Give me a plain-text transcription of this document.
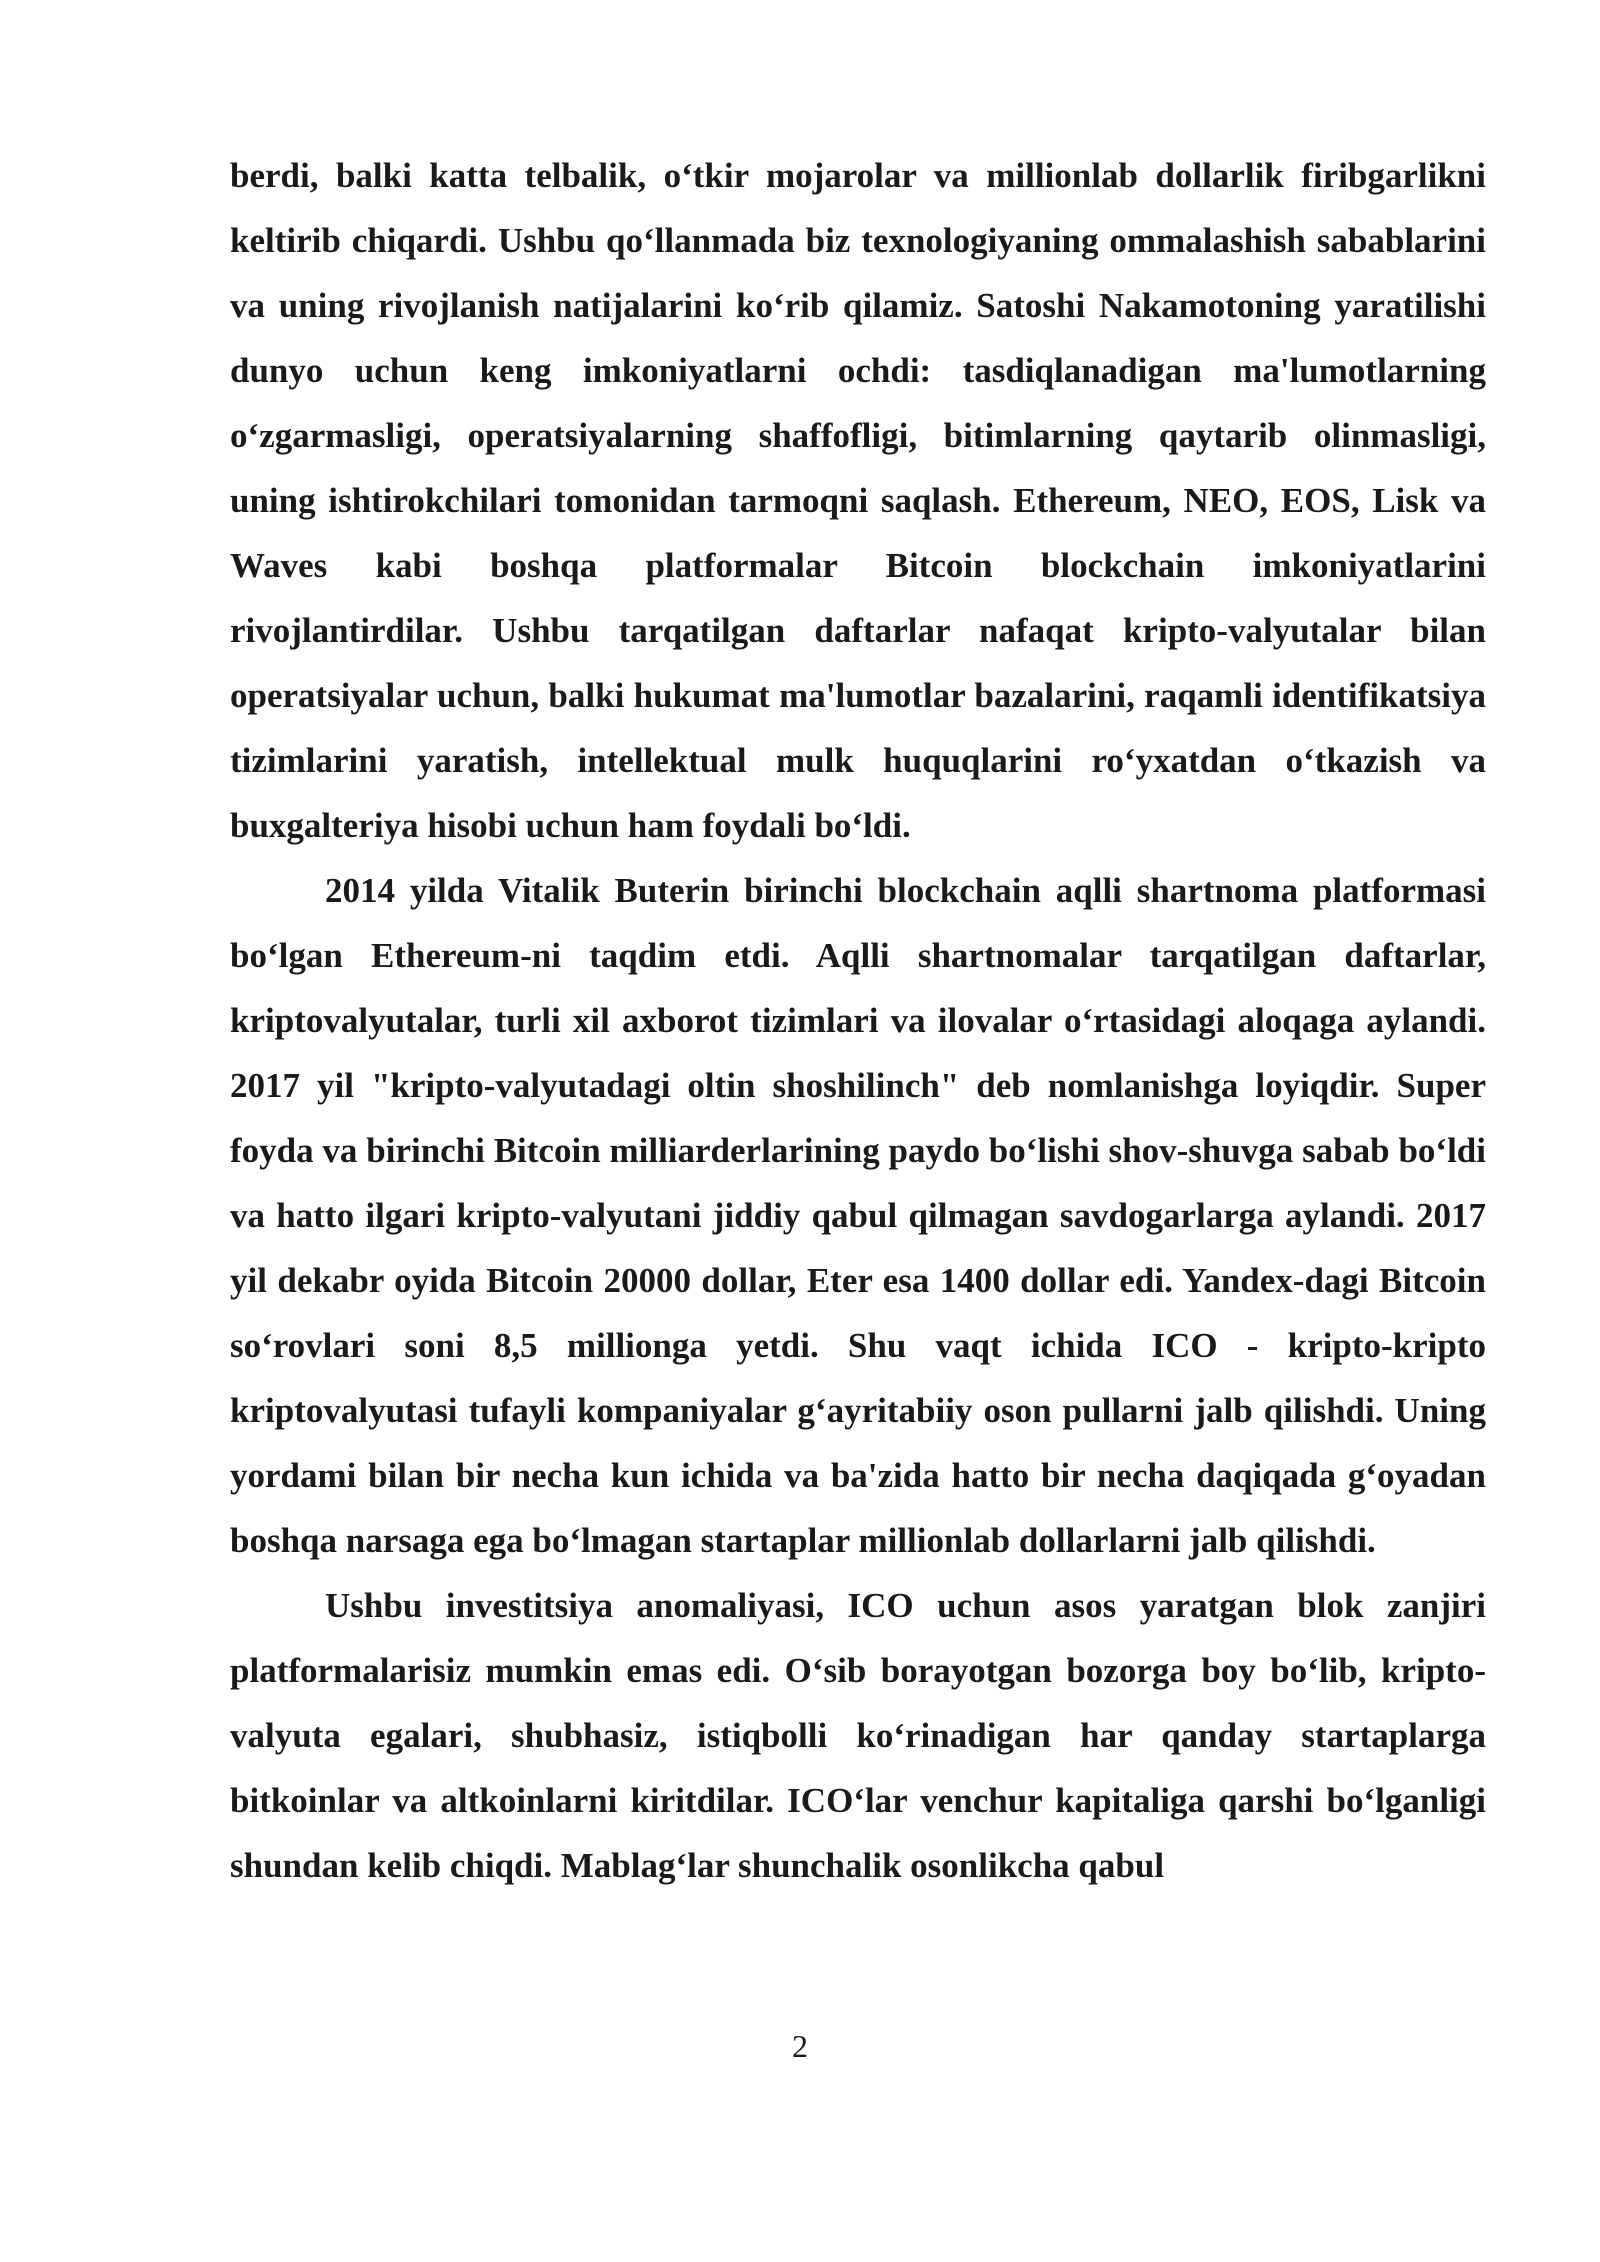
berdi, balki katta telbalik, o‘tkir mojarolar va millionlab dollarlik firibgarlikni keltirib chiqardi. Ushbu qo‘llanmada biz texnologiyaning ommalashish sabablarini va uning rivojlanish natijalarini ko‘rib qilamiz. Satoshi Nakamotoning yaratilishi dunyo uchun keng imkoniyatlarni ochdi: tasdiqlanadigan ma'lumotlarning o‘zgarmasligi, operatsiyalarning shaffofligi, bitimlarning qaytarib olinmasligi, uning ishtirokchilari tomonidan tarmoqni saqlash. Ethereum, NEO, EOS, Lisk va Waves kabi boshqa platformalar Bitcoin blockchain imkoniyatlarini rivojlantirdilar. Ushbu tarqatilgan daftarlar nafaqat kripto-valyutalar bilan operatsiyalar uchun, balki hukumat ma'lumotlar bazalarini, raqamli identifikatsiya tizimlarini yaratish, intellektual mulk huquqlarini ro‘yxatdan o‘tkazish va buxgalteriya hisobi uchun ham foydali bo‘ldi.

2014 yilda Vitalik Buterin birinchi blockchain aqlli shartnoma platformasi bo‘lgan Ethereum-ni taqdim etdi. Aqlli shartnomalar tarqatilgan daftarlar, kriptovalyutalar, turli xil axborot tizimlari va ilovalar o‘rtasidagi aloqaga aylandi. 2017 yil "kripto-valyutadagi oltin shoshilinch" deb nomlanishga loyiqdir. Super foyda va birinchi Bitcoin milliarderlarining paydo bo‘lishi shov-shuvga sabab bo‘ldi va hatto ilgari kripto-valyutani jiddiy qabul qilmagan savdogarlarga aylandi. 2017 yil dekabr oyida Bitcoin 20000 dollar, Eter esa 1400 dollar edi. Yandex-dagi Bitcoin so‘rovlari soni 8,5 millionga yetdi. Shu vaqt ichida ICO - kripto-kripto kriptovalyutasi tufayli kompaniyalar g‘ayritabiiy oson pullarni jalb qilishdi. Uning yordami bilan bir necha kun ichida va ba'zida hatto bir necha daqiqada g‘oyadan boshqa narsaga ega bo‘lmagan startaplar millionlab dollarlarni jalb qilishdi.

Ushbu investitsiya anomaliyasi, ICO uchun asos yaratgan blok zanjiri platformalarisiz mumkin emas edi. O‘sib borayotgan bozorga boy bo‘lib, kripto-valyuta egalari, shubhasiz, istiqbolli ko‘rinadigan har qanday startaplarga bitkoinlar va altkoinlarni kiritdilar. ICO‘lar venchur kapitaliga qarshi bo‘lganligi shundan kelib chiqdi. Mablag‘lar shunchalik osonlikcha qabul

2
